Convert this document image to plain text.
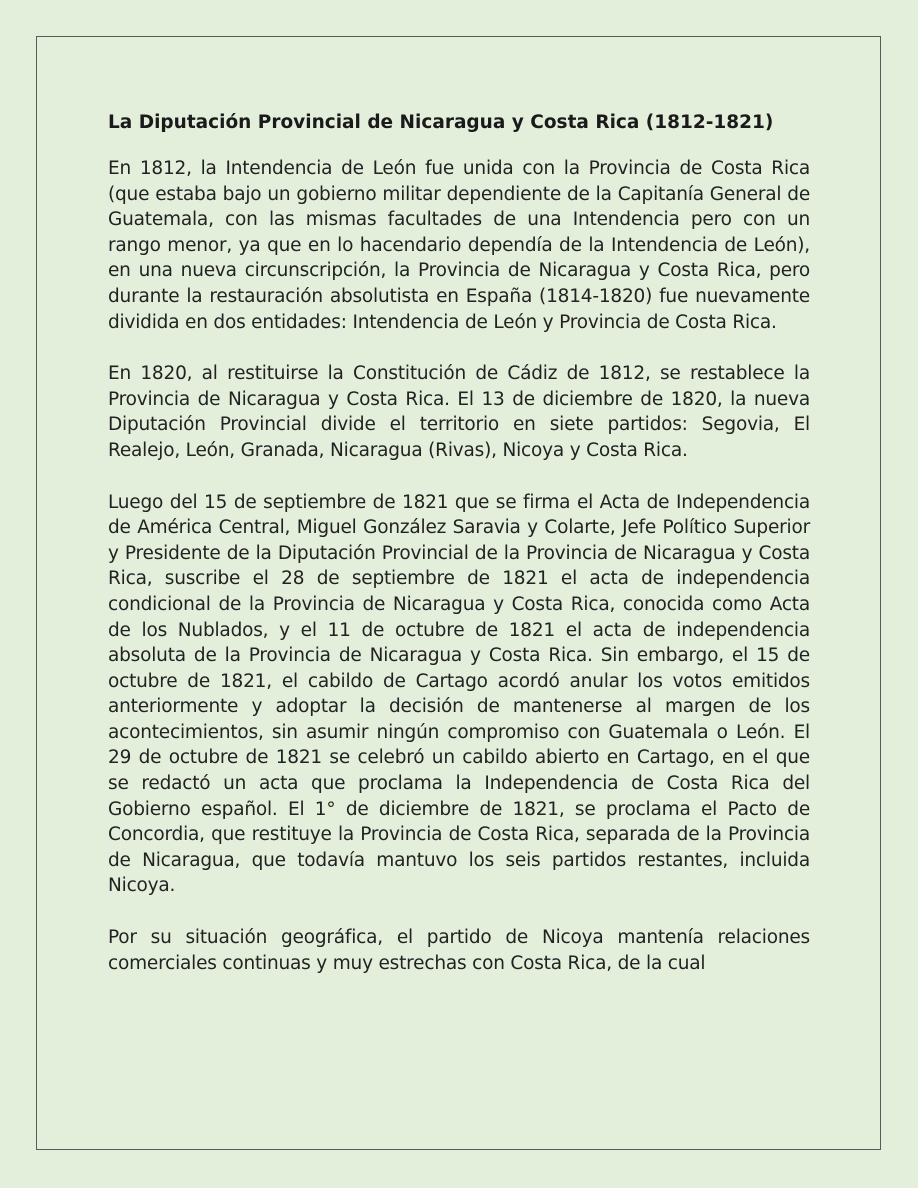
La Diputación Provincial de Nicaragua y Costa Rica (1812-1821)

En 1812, la Intendencia de León fue unida con la Provincia de Costa Rica (que estaba bajo un gobierno militar dependiente de la Capitanía General de Guatemala, con las mismas facultades de una Intendencia pero con un rango menor, ya que en lo hacendario dependía de la Intendencia de León), en una nueva circunscripción, la Provincia de Nicaragua y Costa Rica, pero durante la restauración absolutista en España (1814-1820) fue nuevamente dividida en dos entidades: Intendencia de León y Provincia de Costa Rica.

En 1820, al restituirse la Constitución de Cádiz de 1812, se restablece la Provincia de Nicaragua y Costa Rica. El 13 de diciembre de 1820, la nueva Diputación Provincial divide el territorio en siete partidos: Segovia, El Realejo, León, Granada, Nicaragua (Rivas), Nicoya y Costa Rica.

Luego del 15 de septiembre de 1821 que se firma el Acta de Independencia de América Central, Miguel González Saravia y Colarte, Jefe Político Superior y Presidente de la Diputación Provincial de la Provincia de Nicaragua y Costa Rica, suscribe el 28 de septiembre de 1821 el acta de independencia condicional de la Provincia de Nicaragua y Costa Rica, conocida como Acta de los Nublados, y el 11 de octubre de 1821 el acta de independencia absoluta de la Provincia de Nicaragua y Costa Rica. Sin embargo, el 15 de octubre de 1821, el cabildo de Cartago acordó anular los votos emitidos anteriormente y adoptar la decisión de mantenerse al margen de los acontecimientos, sin asumir ningún compromiso con Guatemala o León. El 29 de octubre de 1821 se celebró un cabildo abierto en Cartago, en el que se redactó un acta que proclama la Independencia de Costa Rica del Gobierno español. El 1° de diciembre de 1821, se proclama el Pacto de Concordia, que restituye la Provincia de Costa Rica, separada de la Provincia de Nicaragua, que todavía mantuvo los seis partidos restantes, incluida Nicoya.

Por su situación geográfica, el partido de Nicoya mantenía relaciones comerciales continuas y muy estrechas con Costa Rica, de la cual
